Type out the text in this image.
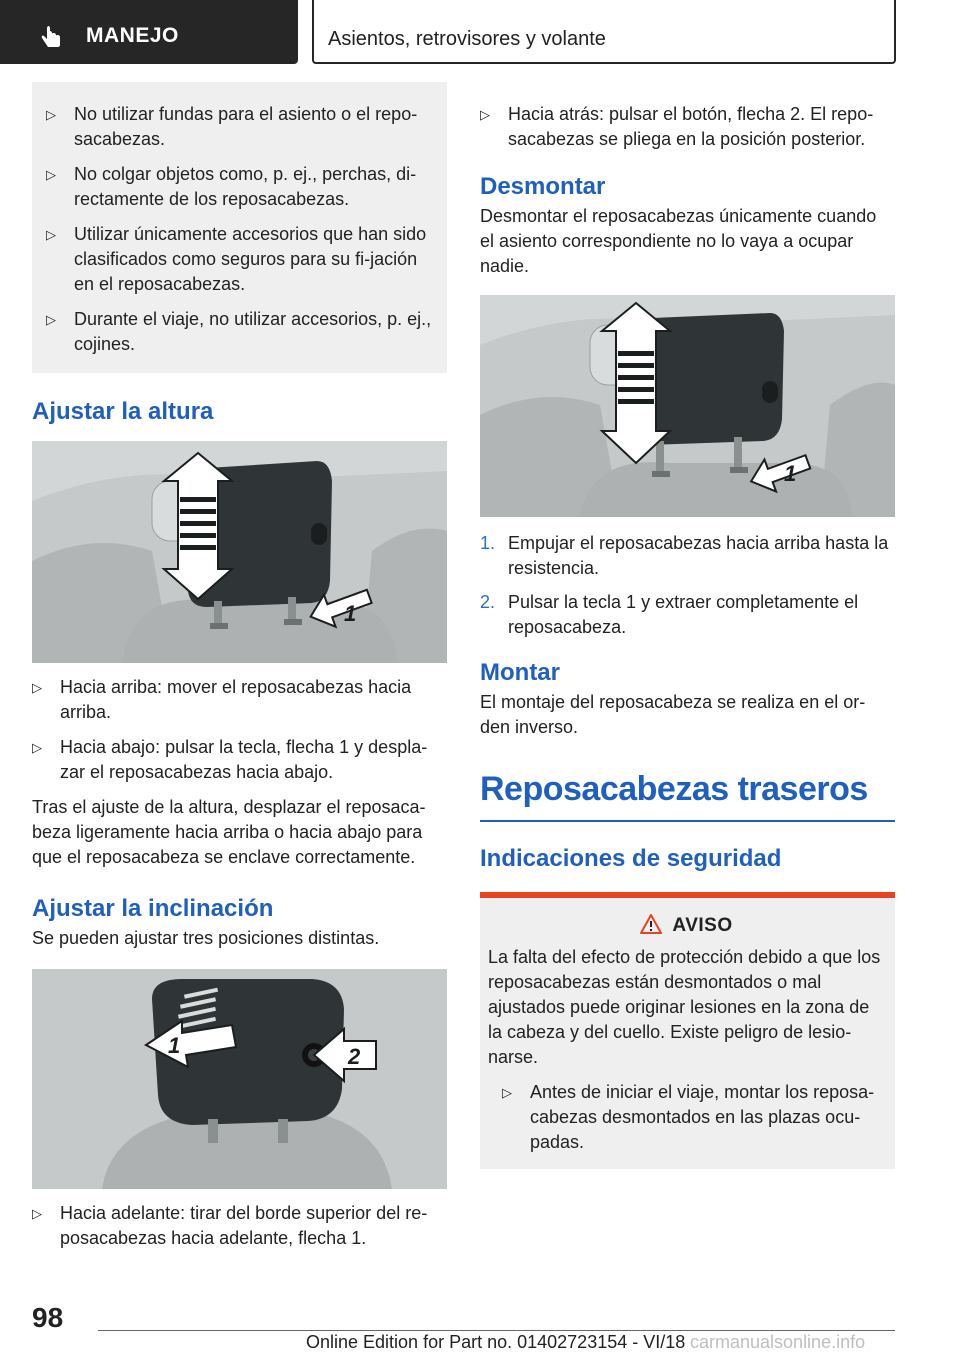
MANEJO	Asientos, retrovisores y volante
▷ No utilizar fundas para el asiento o el repo-sacabezas.
▷ No colgar objetos como, p. ej., perchas, di-rectamente de los reposacabezas.
▷ Utilizar únicamente accesorios que han sido clasificados como seguros para su fi-jación en el reposacabezas.
▷ Durante el viaje, no utilizar accesorios, p. ej., cojines.
Ajustar la altura
1
▷ Hacia arriba: mover el reposacabezas hacia arriba.
▷ Hacia abajo: pulsar la tecla, flecha 1 y despla-zar el reposacabezas hacia abajo.

Tras el ajuste de la altura, desplazar el reposaca-beza ligeramente hacia arriba o hacia abajo para que el reposacabeza se enclave correctamente.

Ajustar la inclinación

Se pueden ajustar tres posiciones distintas.

1	2
▷ Hacia adelante: tirar del borde superior del re-posacabezas hacia adelante, flecha 1.
▷ Hacia atrás: pulsar el botón, flecha 2. El repo-sacabezas se pliega en la posición posterior.
Desmontar

Desmontar el reposacabezas únicamente cuando el asiento correspondiente no lo vaya a ocupar nadie.

1
1. Empujar el reposacabezas hacia arriba hasta la resistencia.
2. Pulsar la tecla 1 y extraer completamente el reposacabeza.
Montar

El montaje del reposacabeza se realiza en el or-den inverso.

Reposacabezas traseros
Indicaciones de seguridad
AVISO

La falta del efecto de protección debido a que los reposacabezas están desmontados o mal ajustados puede originar lesiones en la zona de la cabeza y del cuello. Existe peligro de lesio-narse.

▷ Antes de iniciar el viaje, montar los reposa-cabezas desmontados en las plazas ocu-padas.
98
Online Edition for Part no. 01402723154 - VI/18 carmanualsonline.info
